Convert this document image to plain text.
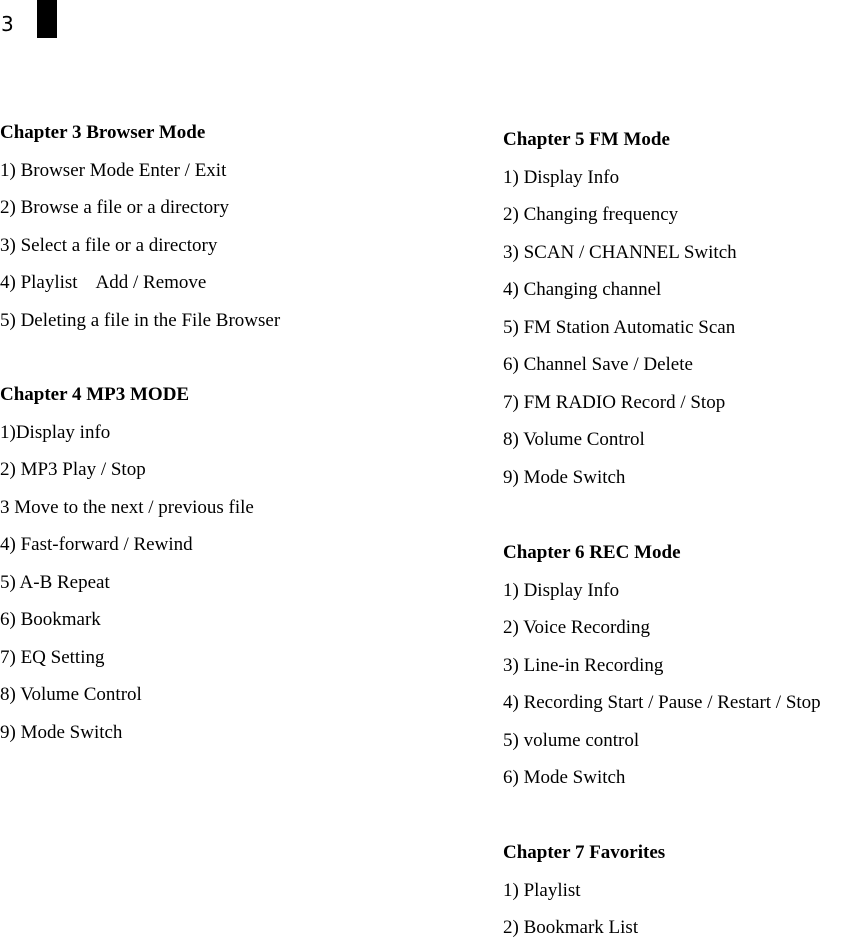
3
Chapter 3 Browser Mode
1) Browser Mode Enter / Exit
2) Browse a file or a directory
3) Select a file or a directory
4) Playlist    Add / Remove
5) Deleting a file in the File Browser
Chapter 4 MP3 MODE
1)Display info
2) MP3 Play / Stop
3 Move to the next / previous file
4) Fast-forward / Rewind
5) A-B Repeat
6) Bookmark
7) EQ Setting
8) Volume Control
9) Mode Switch
Chapter 5 FM Mode
1) Display Info
2) Changing frequency
3) SCAN / CHANNEL Switch
4) Changing channel
5) FM Station Automatic Scan
6) Channel Save / Delete
7) FM RADIO Record / Stop
8) Volume Control
9) Mode Switch
Chapter 6 REC Mode
1) Display Info
2) Voice Recording
3) Line-in Recording
4) Recording Start / Pause / Restart / Stop
5) volume control
6) Mode Switch
Chapter 7 Favorites
1) Playlist
2) Bookmark List
